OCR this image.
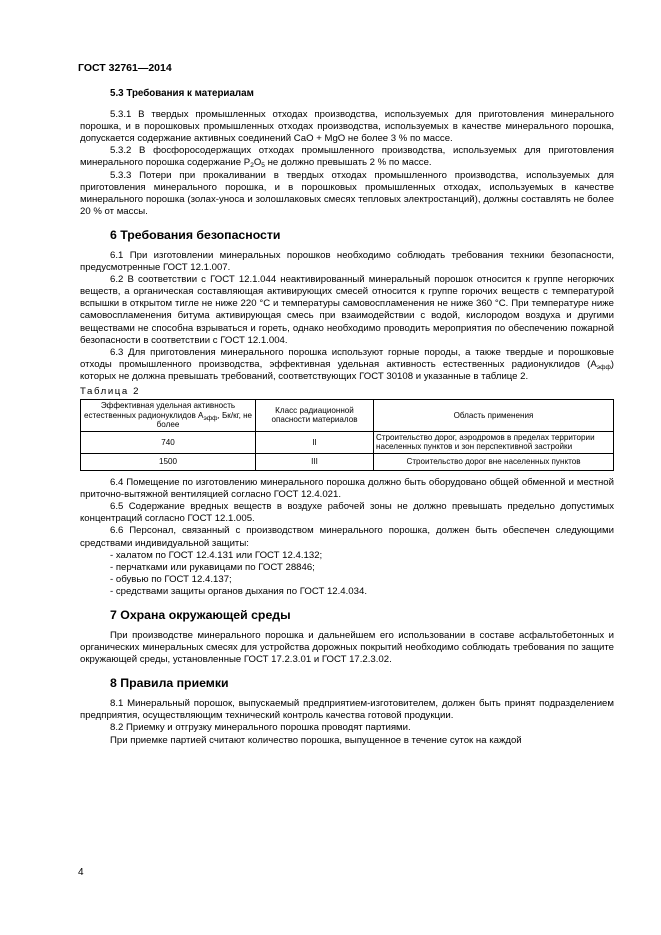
ГОСТ 32761—2014
5.3 Требования к материалам

5.3.1 В твердых промышленных отходах производства, используемых для приготовления минерального порошка, и в порошковых промышленных отходах производства, используемых в качестве минерального порошка, допускается содержание активных соединений CaO + MgO не более 3 % по массе.

5.3.2 В фосфоросодержащих отходах промышленного производства, используемых для приготовления минерального порошка содержание $P_2O_5$ не должно превышать 2 % по массе.

5.3.3 Потери при прокаливании в твердых отходах промышленного производства, используемых для приготовления минерального порошка, и в порошковых промышленных отходах, используемых в качестве минерального порошка (золах-уноса и золошлаковых смесях тепловых электростанций), должны составлять не более 20 % от массы.

6 Требования безопасности

6.1 При изготовлении минеральных порошков необходимо соблюдать требования техники безопасности, предусмотренные ГОСТ 12.1.007.

6.2 В соответствии с ГОСТ 12.1.044 неактивированный минеральный порошок относится к группе негорючих веществ, а органическая составляющая активирующих смесей относится к группе горючих веществ с температурой вспышки в открытом тигле не ниже 220 °С и температуры самовоспламенения не ниже 360 °С. При температуре ниже самовоспламенения битума активирующая смесь при взаимодействии с водой, кислородом воздуха и другими веществами не способна взрываться и гореть, однако необходимо проводить мероприятия по обеспечению пожарной безопасности в соответствии с ГОСТ 12.1.004.

6.3 Для приготовления минерального порошка используют горные породы, а также твердые и порошковые отходы промышленного производства, эффективная удельная активность естественных радионуклидов $(A_{эфф})$ которых не должна превышать требований, соответствующих ГОСТ 30108 и указанные в таблице 2.

Таблица 2
Эффективная удельная активность естественных радионуклидов $A_{эфф}$, Бк/кг, не более	Класс радиационной опасности материалов	Область применения
740	II	Строительство дорог, аэродромов в пределах территории населенных пунктов и зон перспективной застройки
1500	III	Строительство дорог вне населенных пунктов

6.4 Помещение по изготовлению минерального порошка должно быть оборудовано общей обменной и местной приточно-вытяжной вентиляцией согласно ГОСТ 12.4.021.

6.5 Содержание вредных веществ в воздухе рабочей зоны не должно превышать предельно допустимых концентраций согласно ГОСТ 12.1.005.

6.6 Персонал, связанный с производством минерального порошка, должен быть обеспечен следующими средствами индивидуальной защиты:

- халатом по ГОСТ 12.4.131 или ГОСТ 12.4.132;

- перчатками или рукавицами по ГОСТ 28846;

- обувью по ГОСТ 12.4.137;

- средствами защиты органов дыхания по ГОСТ 12.4.034.

7 Охрана окружающей среды

При производстве минерального порошка и дальнейшем его использовании в составе асфальтобетонных и органических минеральных смесях для устройства дорожных покрытий необходимо соблюдать требования по защите окружающей среды, установленные ГОСТ 17.2.3.01 и ГОСТ 17.2.3.02.

8 Правила приемки

8.1 Минеральный порошок, выпускаемый предприятием-изготовителем, должен быть принят подразделением предприятия, осуществляющим технический контроль качества готовой продукции.

8.2 Приемку и отгрузку минерального порошка проводят партиями.

При приемке партией считают количество порошка, выпущенное в течение суток на каждой

4
